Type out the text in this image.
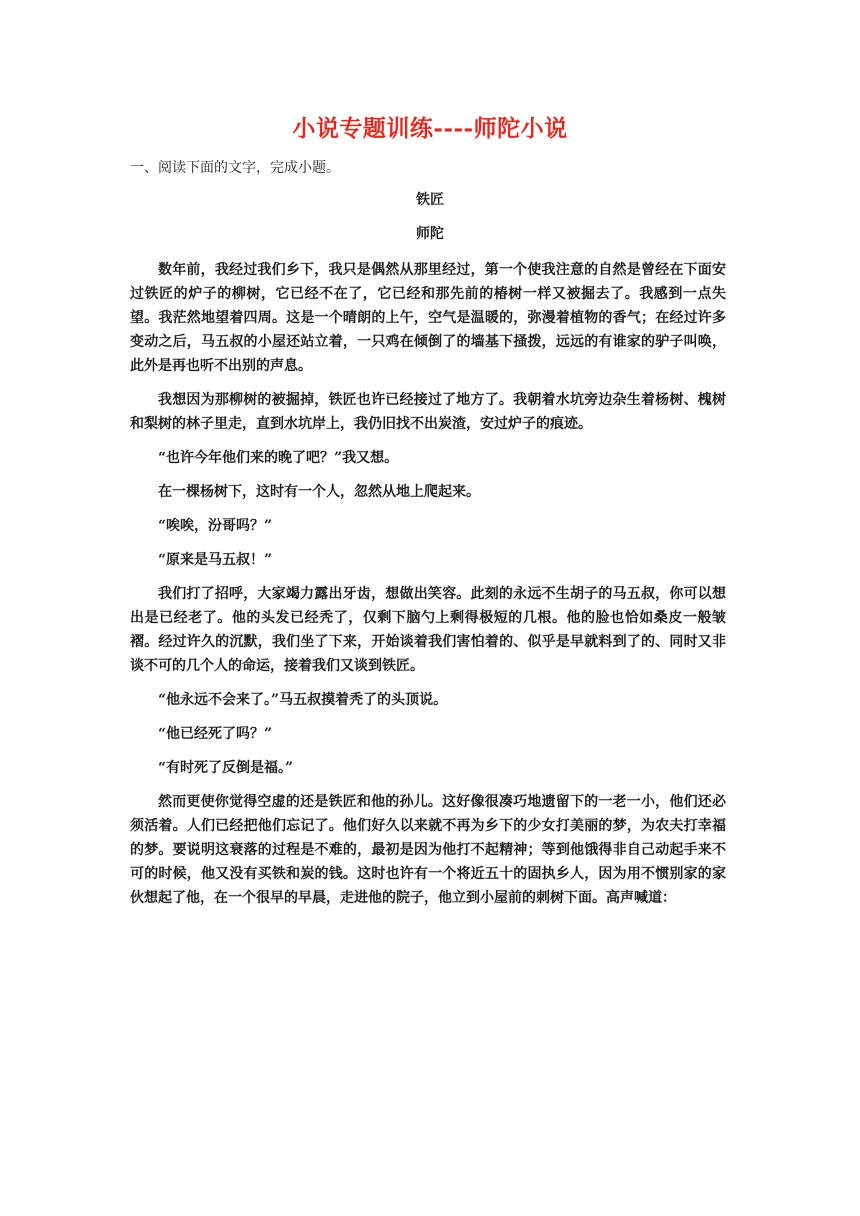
小说专题训练----师陀小说
一、阅读下面的文字，完成小题。
铁匠
师陀

数年前，我经过我们乡下，我只是偶然从那里经过，第一个使我注意的自然是曾经在下面安过铁匠的炉子的柳树，它已经不在了，它已经和那先前的椿树一样又被掘去了。我感到一点失望。我茫然地望着四周。这是一个晴朗的上午，空气是温暖的，弥漫着植物的香气；在经过许多变动之后，马五叔的小屋还站立着，一只鸡在倾倒了的墙基下掻拨，远远的有谁家的驴子叫唤，此外是再也听不出别的声息。

我想因为那柳树的被掘掉，铁匠也许已经接过了地方了。我朝着水坑旁边杂生着杨树、槐树和梨树的林子里走，直到水坑岸上，我仍旧找不出炭渣，安过炉子的痕迹。

“也许今年他们来的晚了吧？”我又想。

在一棵杨树下，这时有一个人，忽然从地上爬起来。

“唉唉，汾哥吗？”

“原来是马五叔！”

我们打了招呼，大家竭力露出牙齿，想做出笑容。此刻的永远不生胡子的马五叔，你可以想出是已经老了。他的头发已经秃了，仅剩下脑勺上剩得极短的几根。他的脸也恰如桑皮一般皱褶。经过许久的沉默，我们坐了下来，开始谈着我们害怕着的、似乎是早就料到了的、同时又非谈不可的几个人的命运，接着我们又谈到铁匠。

“他永远不会来了。”马五叔摸着秃了的头顶说。

“他已经死了吗？”

“有时死了反倒是福。”

然而更使你觉得空虚的还是铁匠和他的孙儿。这好像很凑巧地遗留下的一老一小，他们还必须活着。人们已经把他们忘记了。他们好久以来就不再为乡下的少女打美丽的梦，为农夫打幸福的梦。要说明这衰落的过程是不难的，最初是因为他打不起精神；等到他饿得非自己动起手来不可的时候，他又没有买铁和炭的钱。这时也许有一个将近五十的固执乡人，因为用不惯别家的家伙想起了他，在一个很早的早晨，走进他的院子，他立到小屋前的刺树下面。高声喊道：
